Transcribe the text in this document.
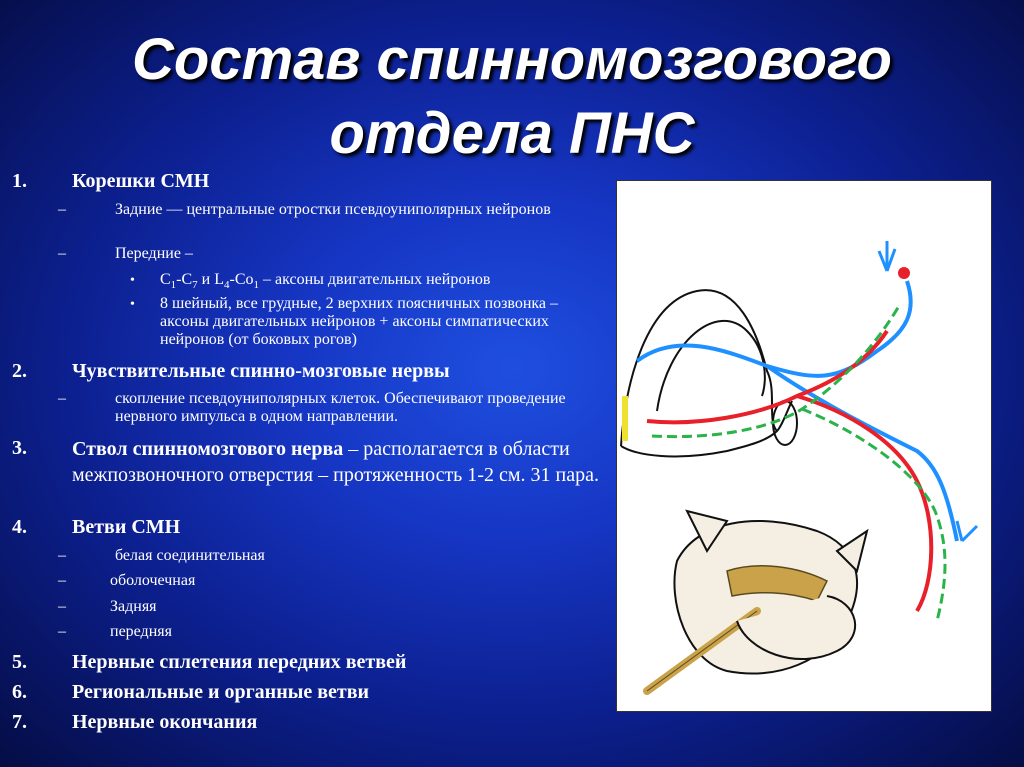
Состав спинномозгового
отдела ПНС
1. Корешки СМН
–	Задние — центральные отростки псевдоуниполярных нейронов
–	Передние –
• $C_1-C_7$ и $L_4-Co_1$ – аксоны двигательных нейронов
• 8 шейный, все грудные, 2 верхних поясничных позвонка – аксоны двигательных нейронов + аксоны симпатических нейронов (от боковых рогов)
2. Чувствительные спинно-мозговые нервы
–	скопление псевдоуниполярных клеток. Обеспечивают проведение нервного импульса в одном направлении.
3. Ствол спинномозгового нерва – располагается в области межпозвоночного отверстия – протяженность 1-2 см. 31 пара.
4. Ветви СМН
–	белая соединительная
–	оболочечная
–	Задняя
–	передняя
5. Нервные сплетения передних ветвей
6. Региональные и органные ветви
7. Нервные окончания
